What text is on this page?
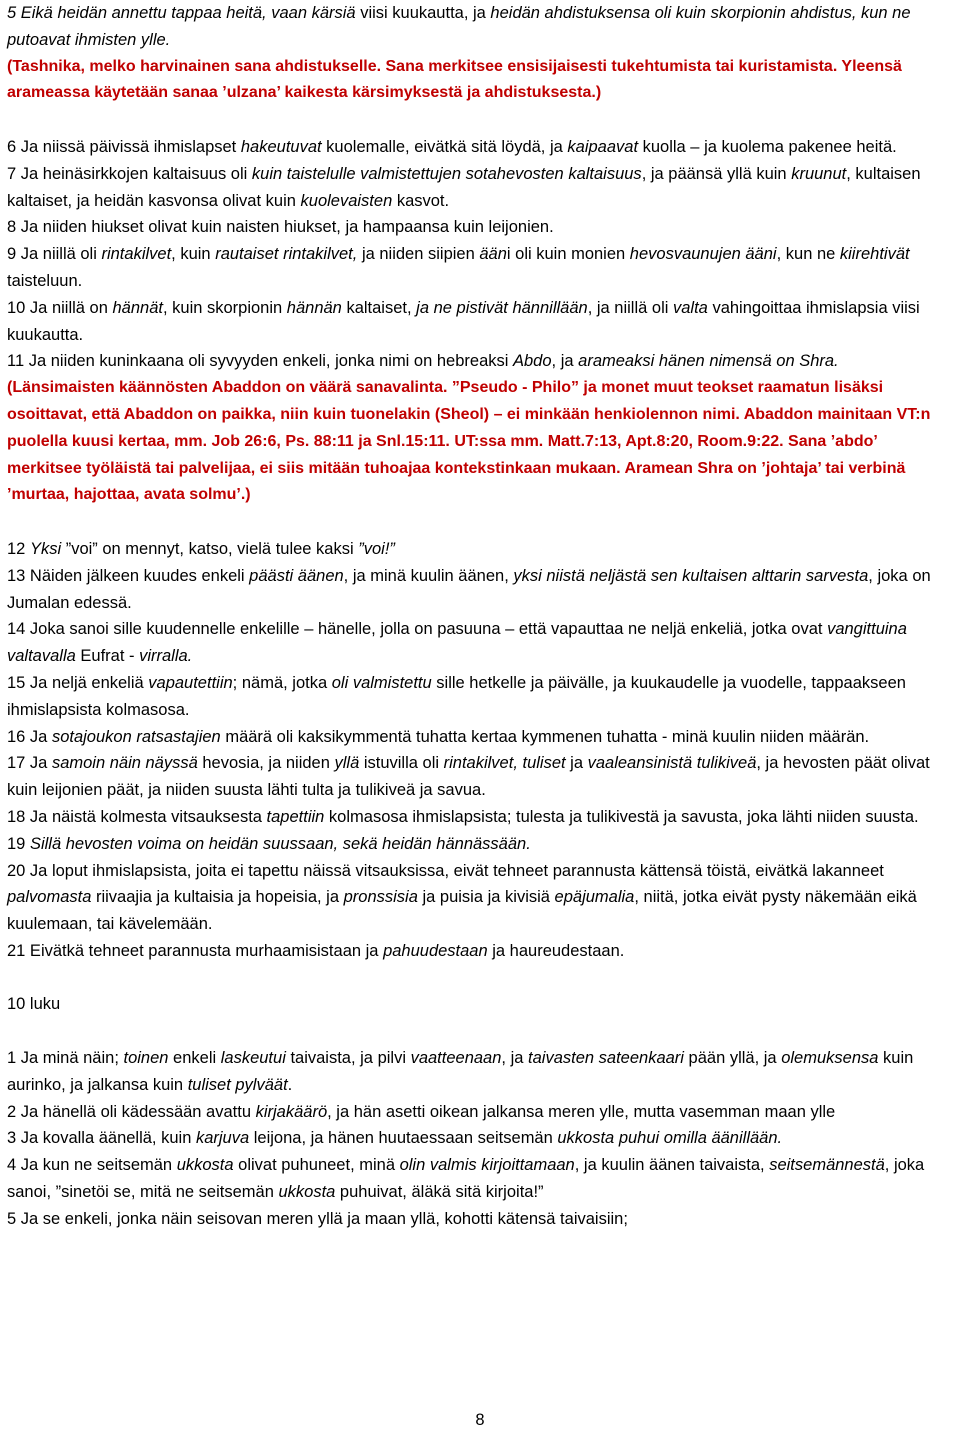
5 Eikä heidän annettu tappaa heitä, vaan kärsiä viisi kuukautta, ja heidän ahdistuksensa oli kuin skorpionin ahdistus, kun ne putoavat ihmisten ylle.

(Tashnika, melko harvinainen sana ahdistukselle. Sana merkitsee ensisijaisesti tukehtumista tai kuristamista. Yleensä arameassa käytetään sanaa ’ulzana’ kaikesta kärsimyksestä ja ahdistuksesta.)

6 Ja niissä päivissä ihmislapset hakeutuvat kuolemalle, eivätkä sitä löydä, ja kaipaavat kuolla – ja kuolema pakenee heitä.

7 Ja heinäsirkkojen kaltaisuus oli kuin taistelulle valmistettujen sotahevosten kaltaisuus, ja päänsä yllä kuin kruunut, kultaisen kaltaiset, ja heidän kasvonsa olivat kuin kuolevaisten kasvot.

8 Ja niiden hiukset olivat kuin naisten hiukset, ja hampaansa kuin leijonien.

9 Ja niillä oli rintakilvet, kuin rautaiset rintakilvet, ja niiden siipien ääni oli kuin monien hevosvaunujen ääni, kun ne kiirehtivät taisteluun.

10 Ja niillä on hännät, kuin skorpionin hännän kaltaiset, ja ne pistivät hännillään, ja niillä oli valta vahingoittaa ihmislapsia viisi kuukautta.

11 Ja niiden kuninkaana oli syvyyden enkeli, jonka nimi on hebreaksi Abdo, ja arameaksi hänen nimensä on Shra.

(Länsimaisten käännösten Abaddon on väärä sanavalinta. ”Pseudo - Philo” ja monet muut teokset raamatun lisäksi osoittavat, että Abaddon on paikka, niin kuin tuonelakin (Sheol) – ei minkään henkiolennon nimi. Abaddon mainitaan VT:n puolella kuusi kertaa, mm. Job 26:6, Ps. 88:11 ja Snl.15:11. UT:ssa mm. Matt.7:13, Apt.8:20, Room.9:22. Sana ’abdo’ merkitsee työläistä tai palvelijaa, ei siis mitään tuhoajaa kontekstinkaan mukaan. Aramean Shra on ’johtaja’ tai verbinä ’murtaa, hajottaa, avata solmu’.)

12 Yksi ”voi” on mennyt, katso, vielä tulee kaksi ”voi!”

13 Näiden jälkeen kuudes enkeli päästi äänen, ja minä kuulin äänen, yksi niistä neljästä sen kultaisen alttarin sarvesta, joka on Jumalan edessä.

14 Joka sanoi sille kuudennelle enkelille – hänelle, jolla on pasuuna – että vapauttaa ne neljä enkeliä, jotka ovat vangittuina valtavalla Eufrat - virralla.

15 Ja neljä enkeliä vapautettiin; nämä, jotka oli valmistettu sille hetkelle ja päivälle, ja kuukaudelle ja vuodelle, tappaakseen ihmislapsista kolmasosa.

16 Ja sotajoukon ratsastajien määrä oli kaksikymmentä tuhatta kertaa kymmenen tuhatta - minä kuulin niiden määrän.

17 Ja samoin näin näyssä hevosia, ja niiden yllä istuvilla oli rintakilvet, tuliset ja vaaleansinistä tulikiveä, ja hevosten päät olivat kuin leijonien päät, ja niiden suusta lähti tulta ja tulikiveä ja savua.

18 Ja näistä kolmesta vitsauksesta tapettiin kolmasosa ihmislapsista; tulesta ja tulikivestä ja savusta, joka lähti niiden suusta.

19 Sillä hevosten voima on heidän suussaan, sekä heidän hännässään.

20 Ja loput ihmislapsista, joita ei tapettu näissä vitsauksissa, eivät tehneet parannusta kättensä töistä, eivätkä lakanneet palvomasta riivaajia ja kultaisia ja hopeisia, ja pronssisia ja puisia ja kivisiä epäjumalia, niitä, jotka eivät pysty näkemään eikä kuulemaan, tai kävelemään.

21 Eivätkä tehneet parannusta murhaamisistaan ja pahuudestaan ja haureudestaan.

10 luku

1 Ja minä näin; toinen enkeli laskeutui taivaista, ja pilvi vaatteenaan, ja taivasten sateenkaari pään yllä, ja olemuksensa kuin aurinko, ja jalkansa kuin tuliset pylväät.

2 Ja hänellä oli kädessään avattu kirjakäärö, ja hän asetti oikean jalkansa meren ylle, mutta vasemman maan ylle

3 Ja kovalla äänellä, kuin karjuva leijona, ja hänen huutaessaan seitsemän ukkosta puhui omilla äänillään.

4 Ja kun ne seitsemän ukkosta olivat puhuneet, minä olin valmis kirjoittamaan, ja kuulin äänen taivaista, seitsemännestä, joka sanoi, ”sinetöi se, mitä ne seitsemän ukkosta puhuivat, äläkä sitä kirjoita!”

5 Ja se enkeli, jonka näin seisovan meren yllä ja maan yllä, kohotti kätensä taivaisiin;

8
